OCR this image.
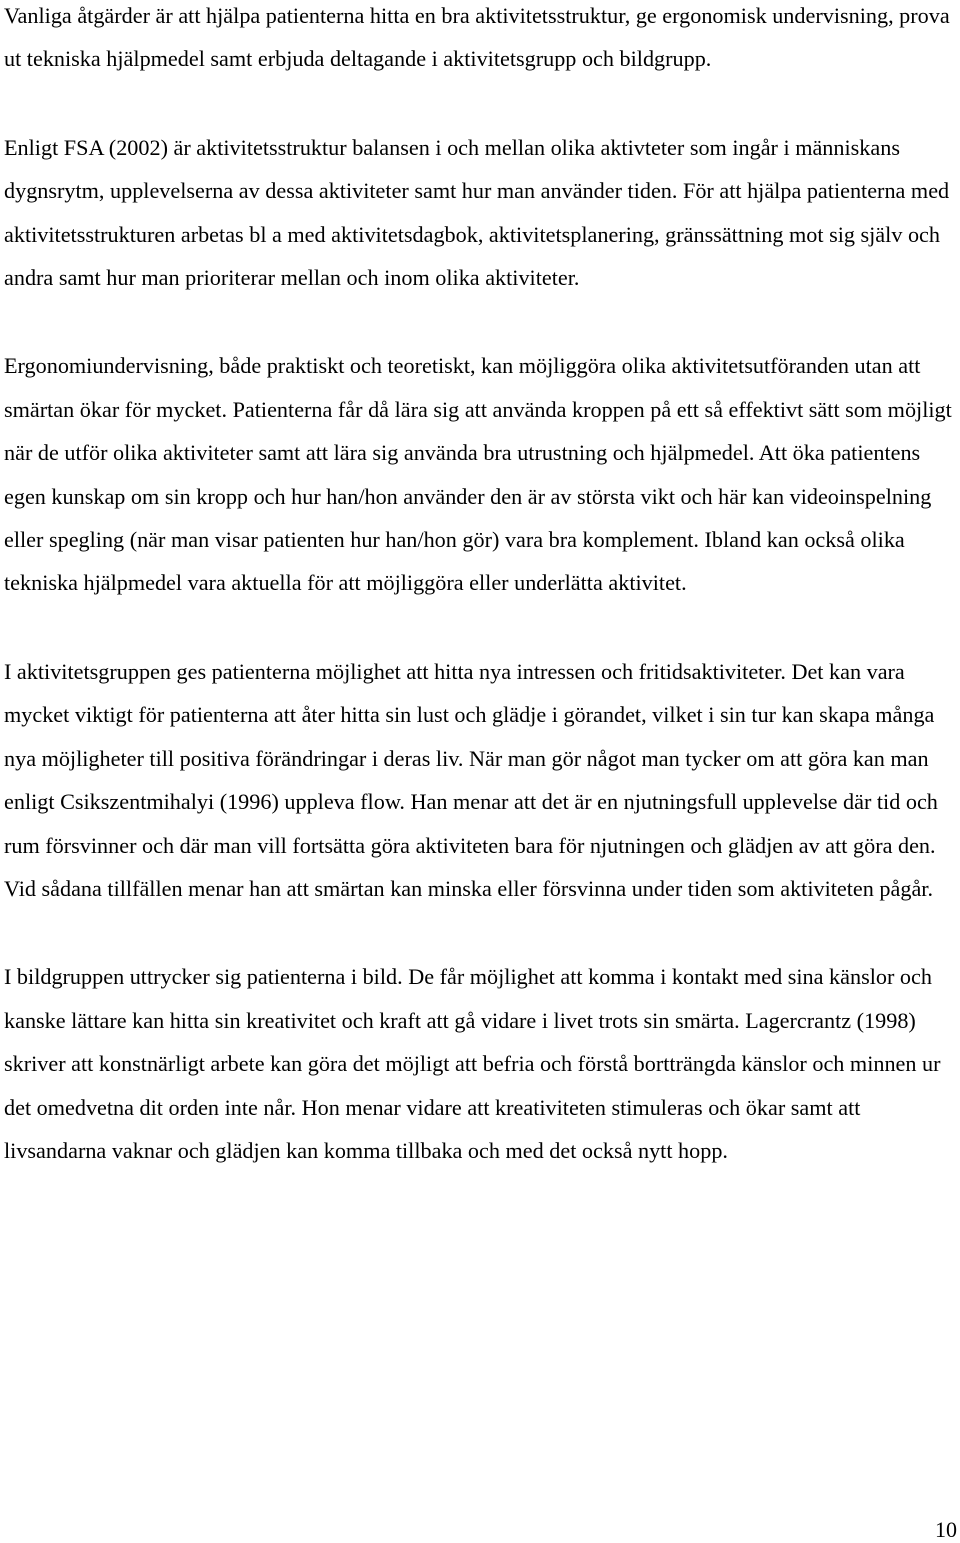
Vanliga åtgärder är att hjälpa patienterna hitta en bra aktivitetsstruktur, ge ergonomisk undervisning, prova ut tekniska hjälpmedel samt erbjuda deltagande i aktivitetsgrupp och bildgrupp.

Enligt FSA (2002) är aktivitetsstruktur balansen i och mellan olika aktivteter som ingår i människans dygnsrytm, upplevelserna av dessa aktiviteter samt hur man använder tiden. För att hjälpa patienterna med aktivitetsstrukturen arbetas bl a med aktivitetsdagbok, aktivitetsplanering, gränssättning mot sig själv och andra samt hur man prioriterar mellan och inom olika aktiviteter.

Ergonomiundervisning, både praktiskt och teoretiskt, kan möjliggöra olika aktivitetsutföranden utan att smärtan ökar för mycket. Patienterna får då lära sig att använda kroppen på ett så effektivt sätt som möjligt när de utför olika aktiviteter samt att lära sig använda bra utrustning och hjälpmedel. Att öka patientens egen kunskap om sin kropp och hur han/hon använder den är av största vikt och här kan videoinspelning eller spegling (när man visar patienten hur han/hon gör) vara bra komplement. Ibland kan också olika tekniska hjälpmedel vara aktuella för att möjliggöra eller underlätta aktivitet.

I aktivitetsgruppen ges patienterna möjlighet att hitta nya intressen och fritidsaktiviteter. Det kan vara mycket viktigt för patienterna att åter hitta sin lust och glädje i görandet, vilket i sin tur kan skapa många nya möjligheter till positiva förändringar i deras liv. När man gör något man tycker om att göra kan man enligt Csikszentmihalyi (1996) uppleva flow. Han menar att det är en njutningsfull upplevelse där tid och rum försvinner och där man vill fortsätta göra aktiviteten bara för njutningen och glädjen av att göra den. Vid sådana tillfällen menar han att smärtan kan minska eller försvinna under tiden som aktiviteten pågår.

I bildgruppen uttrycker sig patienterna i bild. De får möjlighet att komma i kontakt med sina känslor och kanske lättare kan hitta sin kreativitet och kraft att gå vidare i livet trots sin smärta. Lagercrantz (1998) skriver att konstnärligt arbete kan göra det möjligt att befria och förstå bortträngda känslor och minnen ur det omedvetna dit orden inte når. Hon menar vidare att kreativiteten stimuleras och ökar samt att livsandarna vaknar och glädjen kan komma tillbaka och med det också nytt hopp.

10
